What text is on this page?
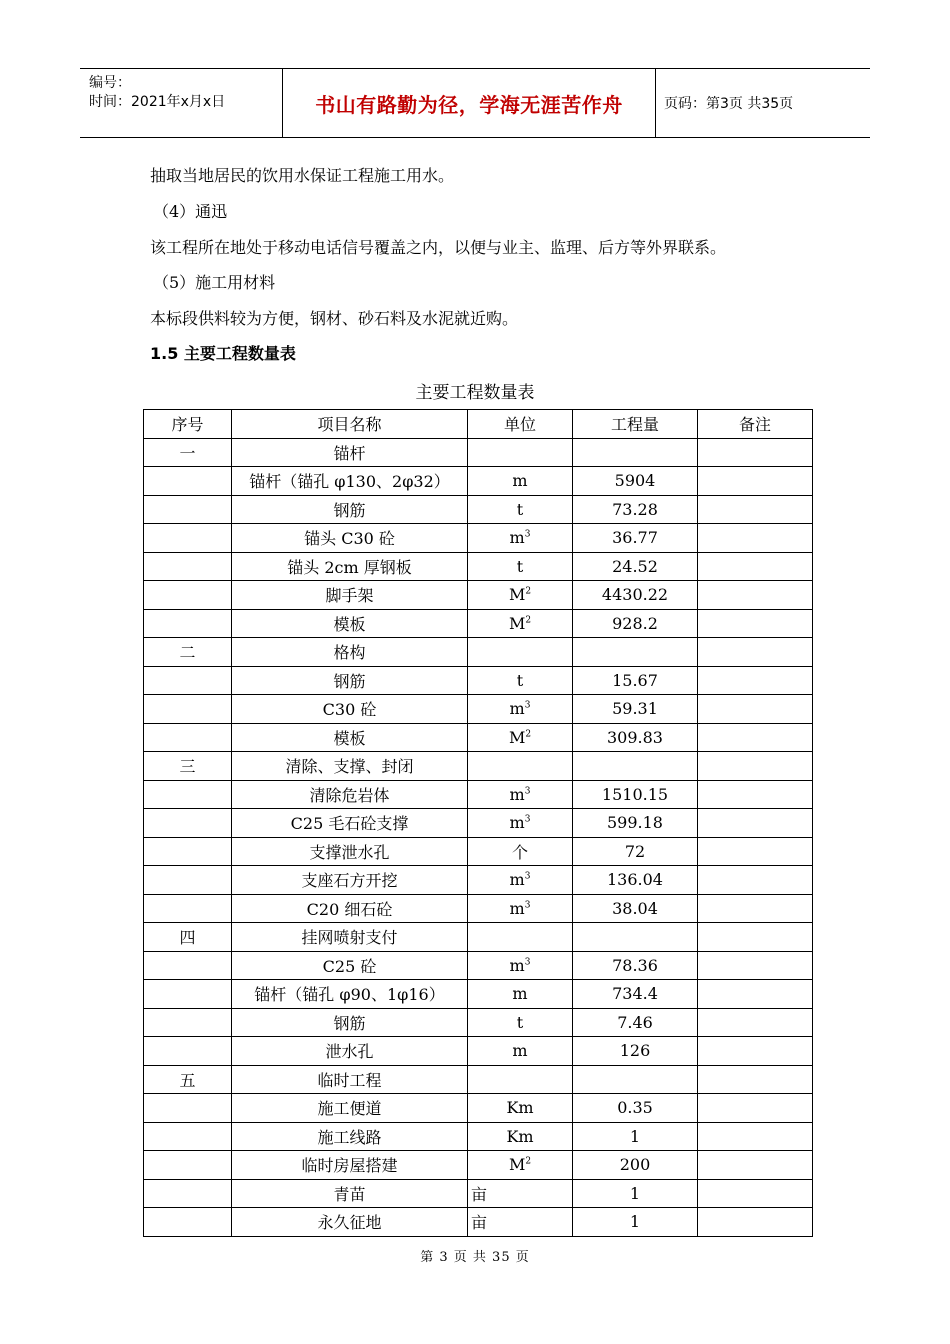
编号：
时间：2021年x月x日	书山有路勤为径，学海无涯苦作舟	页码：第3页 共35页
抽取当地居民的饮用水保证工程施工用水。
（4）通迅
该工程所在地处于移动电话信号覆盖之内，以便与业主、监理、后方等外界联系。
（5）施工用材料
本标段供料较为方便，钢材、砂石料及水泥就近购。
1.5 主要工程数量表
主要工程数量表
序号	项目名称	单位	工程量	备注
一	锚杆			
	锚杆（锚孔 φ130、2φ32）	m	5904	
	钢筋	t	73.28	
	锚头 C30 砼	$m^3$	36.77	
	锚头 2cm 厚钢板	t	24.52	
	脚手架	$M^2$	4430.22	
	模板	$M^2$	928.2	
二	格构			
	钢筋	t	15.67	
	C30 砼	$m^3$	59.31	
	模板	$M^2$	309.83	
三	清除、支撑、封闭			
	清除危岩体	$m^3$	1510.15	
	C25 毛石砼支撑	$m^3$	599.18	
	支撑泄水孔	个	72	
	支座石方开挖	$m^3$	136.04	
	C20 细石砼	$m^3$	38.04	
四	挂网喷射支付			
	C25 砼	$m^3$	78.36	
	锚杆（锚孔 φ90、1φ16）	m	734.4	
	钢筋	t	7.46	
	泄水孔	m	126	
五	临时工程			
	施工便道	Km	0.35	
	施工线路	Km	1	
	临时房屋搭建	$M^2$	200	
	青苗	亩	1	
	永久征地	亩	1	
第 3 页 共 35 页
